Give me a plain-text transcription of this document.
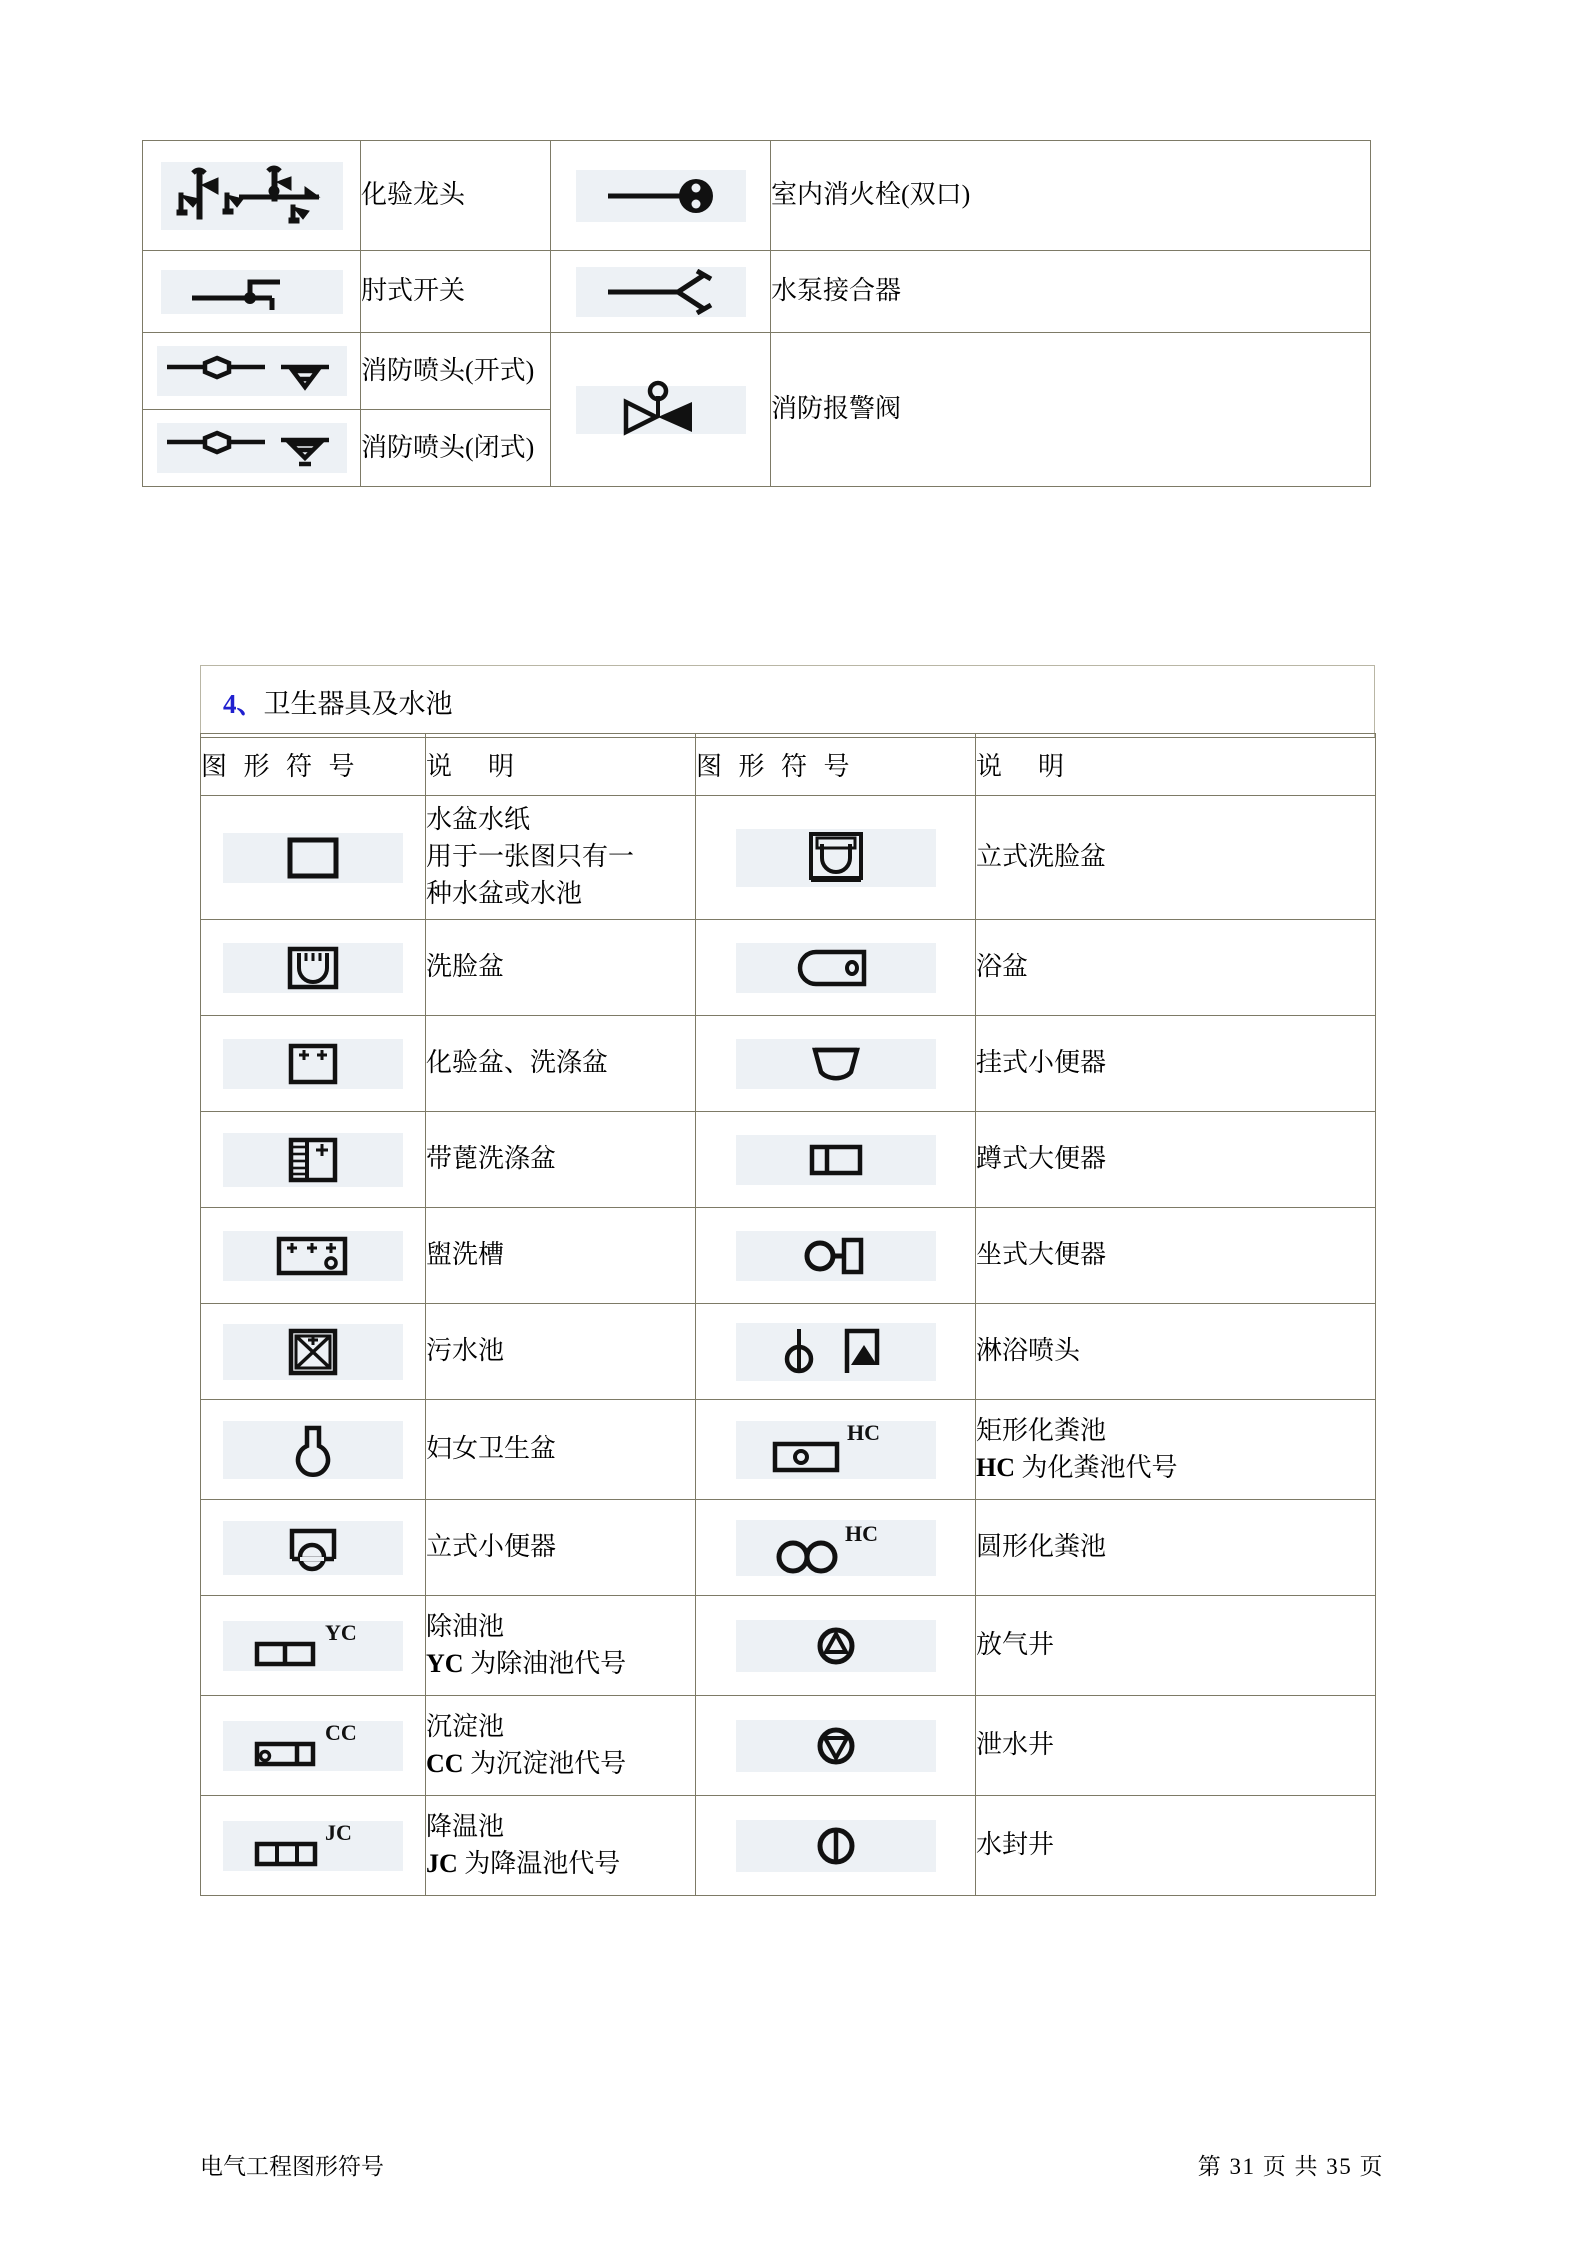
	化验龙头		室内消火栓(双口)

	肘式开关		水泵接合器

	消防喷头(开式)		消防报警阀

	消防喷头(闭式)		
4、卫生器具及水池
图 形 符 号	说　明	图 形 符 号	说　明

水盆水纸
用于一张图只有一
种水盆或水池		立式洗脸盆

	洗脸盆		浴盆

	化验盆、洗涤盆		挂式小便器

	带蓖洗涤盆		蹲式大便器

	盥洗槽		坐式大便器

	污水池		淋浴喷头

	妇女卫生盆	HC	矩形化粪池
HC 为化粪池代号

	立式小便器	HC	圆形化粪池

YC	除油池
YC 为除油池代号		放气井

CC	沉淀池
CC 为沉淀池代号		泄水井

JC	降温池
JC 为降温池代号		水封井
电气工程图形符号	第 31 页 共 35 页
